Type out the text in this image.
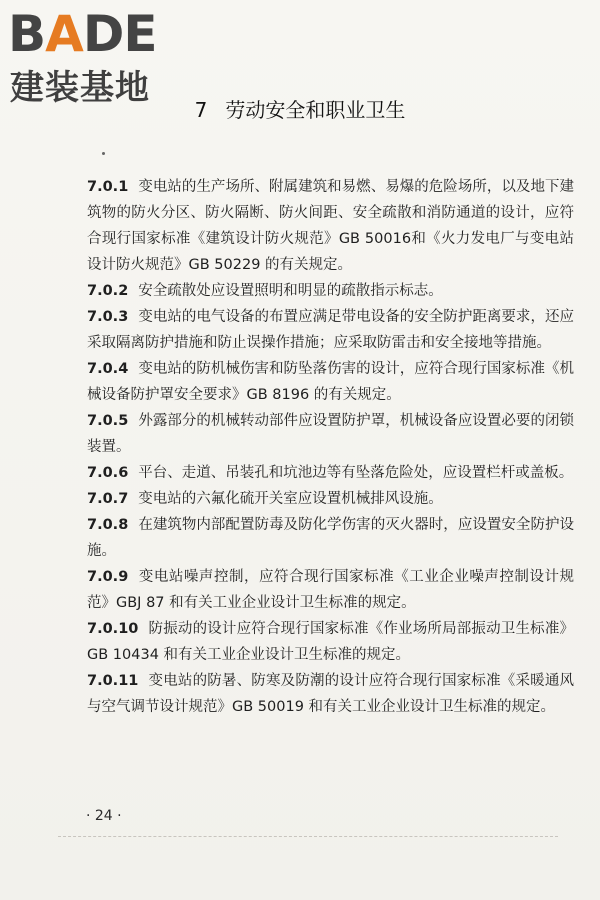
BADE
建装基地
7 劳动安全和职业卫生

7.0.1 变电站的生产场所、附属建筑和易燃、易爆的危险场所，以及地下建筑物的防火分区、防火隔断、防火间距、安全疏散和消防通道的设计，应符合现行国家标准《建筑设计防火规范》GB 50016和《火力发电厂与变电站设计防火规范》GB 50229 的有关规定。

7.0.2 安全疏散处应设置照明和明显的疏散指示标志。

7.0.3 变电站的电气设备的布置应满足带电设备的安全防护距离要求，还应采取隔离防护措施和防止误操作措施；应采取防雷击和安全接地等措施。

7.0.4 变电站的防机械伤害和防坠落伤害的设计，应符合现行国家标准《机械设备防护罩安全要求》GB 8196 的有关规定。

7.0.5 外露部分的机械转动部件应设置防护罩，机械设备应设置必要的闭锁装置。

7.0.6 平台、走道、吊装孔和坑池边等有坠落危险处，应设置栏杆或盖板。

7.0.7 变电站的六氟化硫开关室应设置机械排风设施。

7.0.8 在建筑物内部配置防毒及防化学伤害的灭火器时，应设置安全防护设施。

7.0.9 变电站噪声控制，应符合现行国家标准《工业企业噪声控制设计规范》GBJ 87 和有关工业企业设计卫生标准的规定。

7.0.10 防振动的设计应符合现行国家标准《作业场所局部振动卫生标准》GB 10434 和有关工业企业设计卫生标准的规定。

7.0.11 变电站的防暑、防寒及防潮的设计应符合现行国家标准《采暖通风与空气调节设计规范》GB 50019 和有关工业企业设计卫生标准的规定。

· 24 ·
